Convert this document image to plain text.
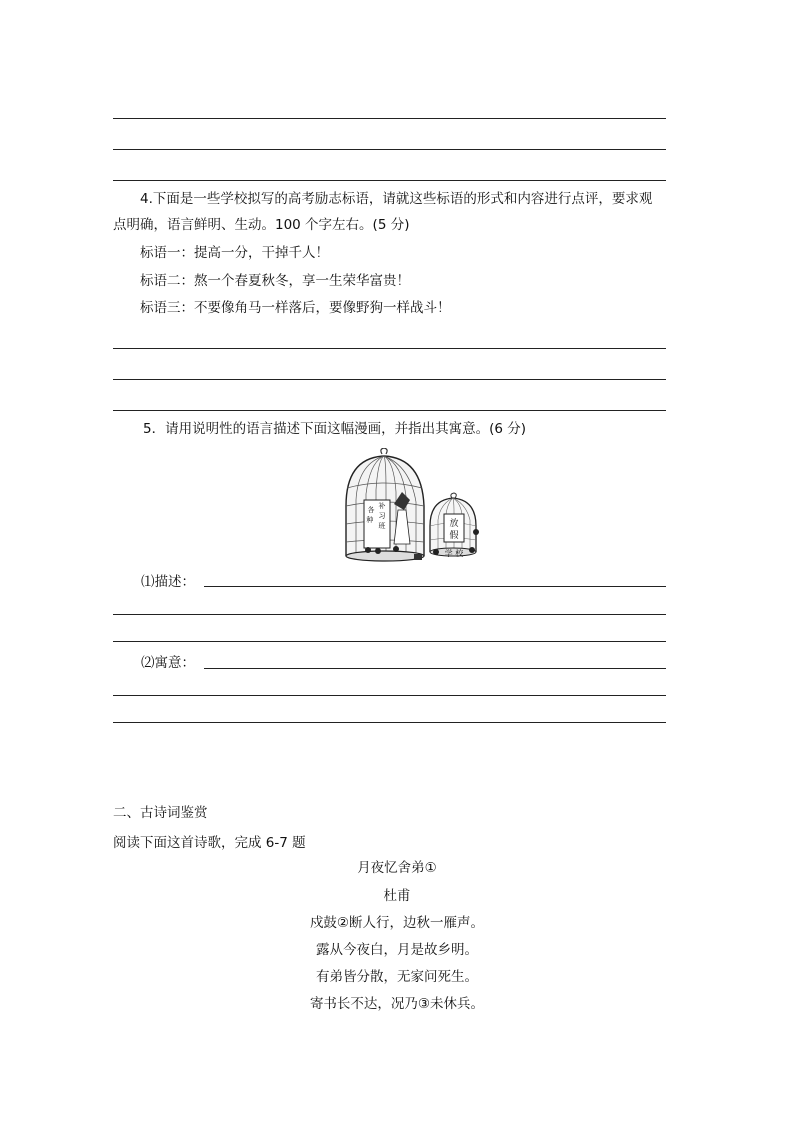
4.下面是一些学校拟写的高考励志标语，请就这些标语的形式和内容进行点评，要求观
点明确，语言鲜明、生动。100 个字左右。(5 分)
标语一：提高一分，干掉千人！
标语二：熬一个春夏秋冬，享一生荣华富贵！
标语三：不要像角马一样落后，要像野狗一样战斗！
5．请用说明性的语言描述下面这幅漫画，并指出其寓意。(6 分)
各种 补习班	放假
学 校
⑴描述：
⑵寓意：
二、古诗词鉴赏
阅读下面这首诗歌，完成 6-7 题
月夜忆舍弟①
杜甫
戍鼓②断人行，边秋一雁声。
露从今夜白，月是故乡明。
有弟皆分散，无家问死生。
寄书长不达，况乃③未休兵。
